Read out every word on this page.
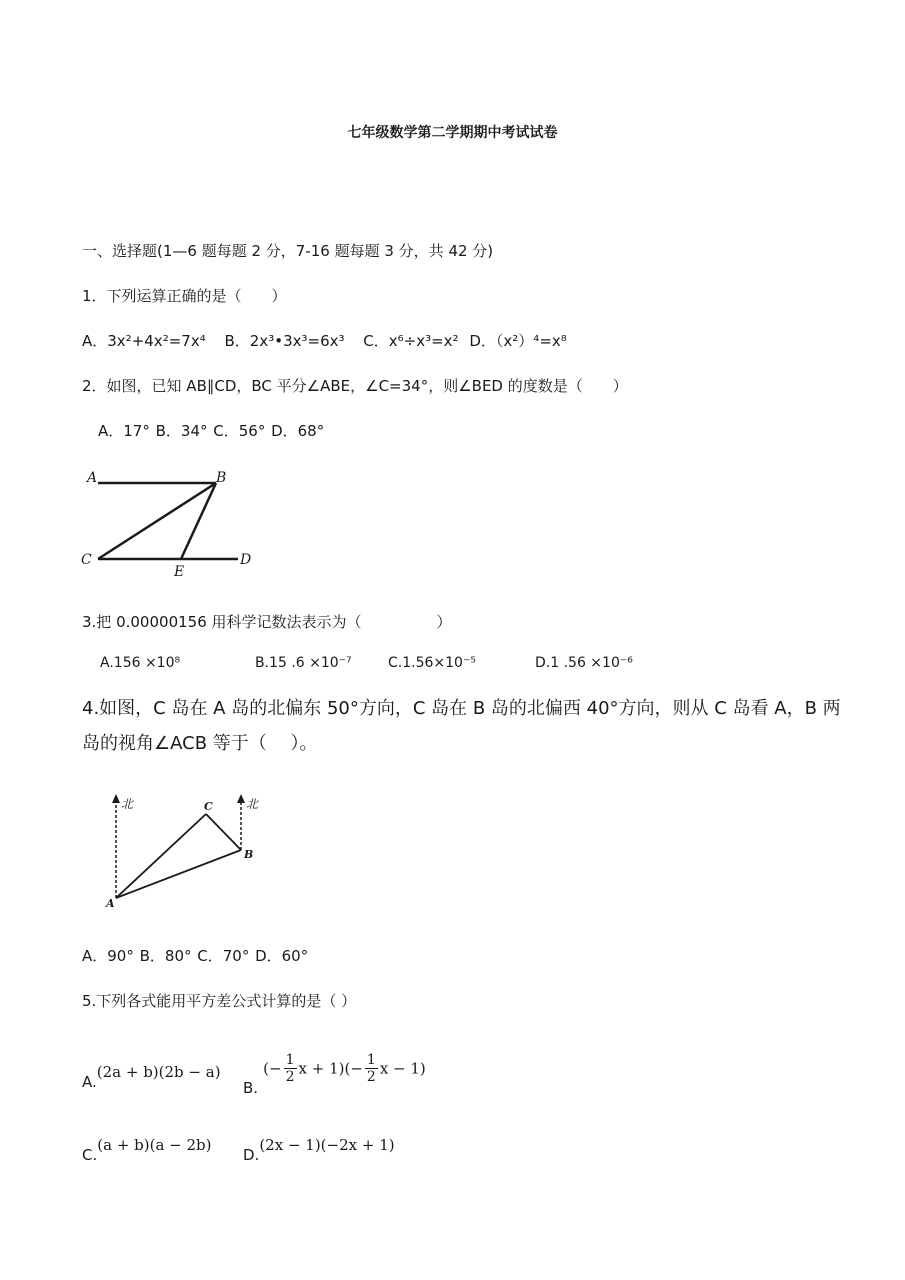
七年级数学第二学期期中考试试卷
一、选择题(1—6 题每题 2 分，7-16 题每题 3 分，共 42 分)
1．下列运算正确的是（　　）
A．3x²+4x²=7x⁴ B．2x³•3x³=6x³ C．x⁶÷x³=x² D．（x²）⁴=x⁸
2．如图，已知 AB∥CD，BC 平分∠ABE，∠C=34°，则∠BED 的度数是（　　）
A．17° B．34° C．56° D．68°
A	B
C
E
D
3.把 0.00000156 用科学记数法表示为（　　　　　）
A.156 ×10⁸	B.15 .6 ×10⁻⁷	C.1.56×10⁻⁵	D.1 .56 ×10⁻⁶
4.如图，C 岛在 A 岛的北偏东 50°方向，C 岛在 B 岛的北偏西 40°方向，则从 C 岛看 A，B 两
岛的视角∠ACB 等于（　 ）。
北	北
C
B
A
A．90° B．80° C．70° D．60°
5.下列各式能用平方差公式计算的是（ ）
A.(2a + b)(2b − a)
B. (− $\frac{1}{2}$ $x + 1)(- \frac{1}{2}$ x − 1)
C.(a + b)(a − 2b)
D.(2x − 1)(−2x + 1)
